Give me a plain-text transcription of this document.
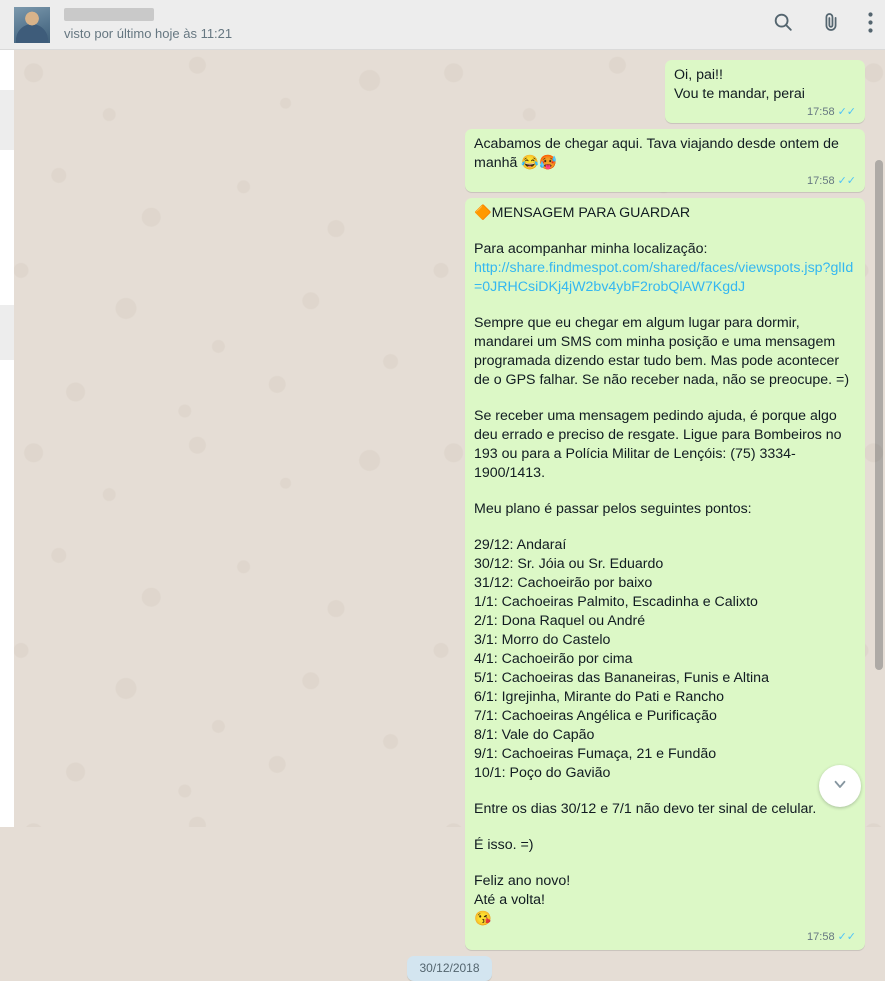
visto por último hoje às 11:21
Oi, pai!!
Vou te mandar, perai
17:58 ✓✓
Acabamos de chegar aqui. Tava viajando desde ontem de manhã 😂🥵
17:58 ✓✓
🔶MENSAGEM PARA GUARDAR
Para acompanhar minha localização:
http://share.findmespot.com/shared/faces/viewspots.jsp?glId=0JRHCsiDKj4jW2bv4ybF2robQlAW7KgdJ
Sempre que eu chegar em algum lugar para dormir, mandarei um SMS com minha posição e uma mensagem programada dizendo estar tudo bem. Mas pode acontecer de o GPS falhar. Se não receber nada, não se preocupe. =)
Se receber uma mensagem pedindo ajuda, é porque algo deu errado e preciso de resgate. Ligue para Bombeiros no 193 ou para a Polícia Militar de Lençóis: (75) 3334-1900/1413.
Meu plano é passar pelos seguintes pontos:
29/12: Andaraí
30/12: Sr. Jóia ou Sr. Eduardo
31/12: Cachoeirão por baixo
1/1: Cachoeiras Palmito, Escadinha e Calixto
2/1: Dona Raquel ou André
3/1: Morro do Castelo
4/1: Cachoeirão por cima
5/1: Cachoeiras das Bananeiras, Funis e Altina
6/1: Igrejinha, Mirante do Pati e Rancho
7/1: Cachoeiras Angélica e Purificação
8/1: Vale do Capão
9/1: Cachoeiras Fumaça, 21 e Fundão
10/1: Poço do Gavião
Entre os dias 30/12 e 7/1 não devo ter sinal de celular.
É isso. =)
Feliz ano novo!
Até a volta!
😘
17:58 ✓✓
30/12/2018
